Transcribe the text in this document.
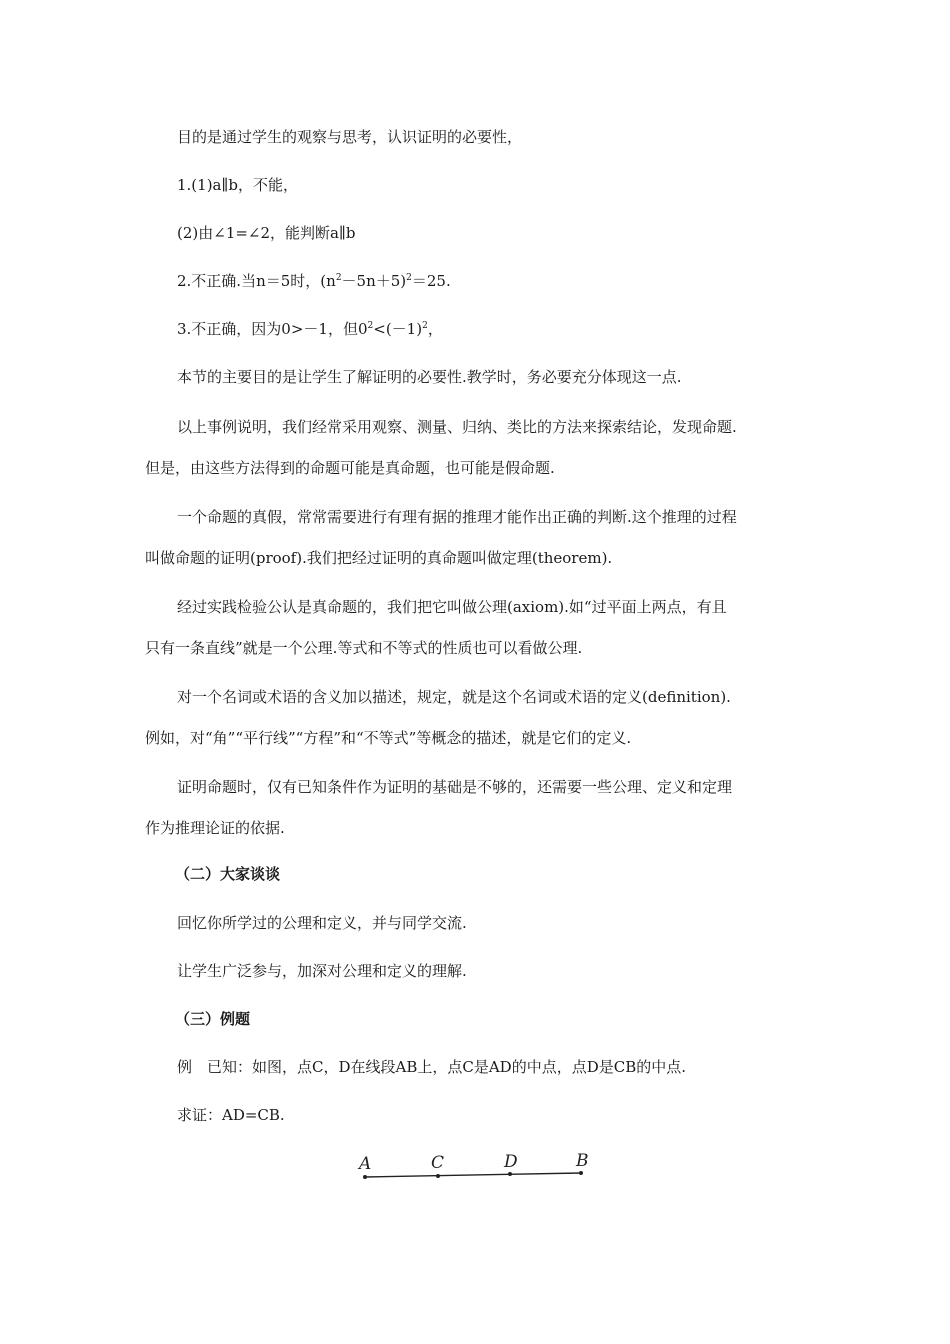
目的是通过学生的观察与思考，认识证明的必要性，

1.(1)a∥b，不能，

(2)由∠1=∠2，能判断a∥b

2.不正确.当n＝5时，$(n^2-5n+5)^2=25$.

3.不正确，因为0>－1，但$0^2<(-1)^2$，

本节的主要目的是让学生了解证明的必要性.教学时，务必要充分体现这一点.

以上事例说明，我们经常采用观察、测量、归纳、类比的方法来探索结论，发现命题.

但是，由这些方法得到的命题可能是真命题，也可能是假命题.

一个命题的真假，常常需要进行有理有据的推理才能作出正确的判断.这个推理的过程

叫做命题的证明(proof).我们把经过证明的真命题叫做定理(theorem).

经过实践检验公认是真命题的，我们把它叫做公理(axiom).如“过平面上两点，有且

只有一条直线”就是一个公理.等式和不等式的性质也可以看做公理.

对一个名词或术语的含义加以描述，规定，就是这个名词或术语的定义(definition).

例如，对“角”“平行线”“方程”和“不等式”等概念的描述，就是它们的定义.

证明命题时，仅有已知条件作为证明的基础是不够的，还需要一些公理、定义和定理

作为推理论证的依据.

（二）大家谈谈

回忆你所学过的公理和定义，并与同学交流.

让学生广泛参与，加深对公理和定义的理解.

（三）例题

例　已知：如图，点C，D在线段AB上，点C是AD的中点，点D是CB的中点.

求证：AD=CB.

A	C	D	B
